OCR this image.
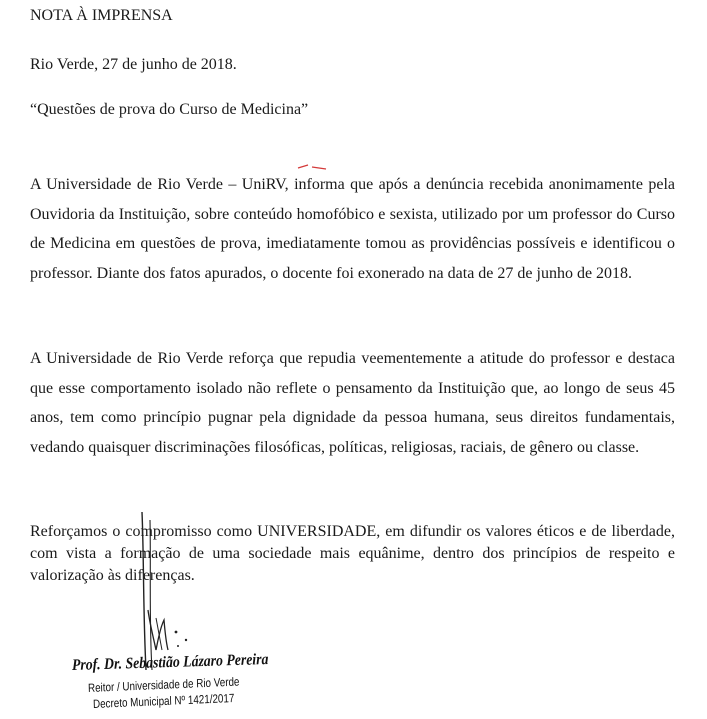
NOTA À IMPRENSA
Rio Verde, 27 de junho de 2018.
“Questões de prova do Curso de Medicina”

A Universidade de Rio Verde – UniRV, informa que após a denúncia recebida anonimamente pela Ouvidoria da Instituição, sobre conteúdo homofóbico e sexista, utilizado por um professor do Curso de Medicina em questões de prova, imediatamente tomou as providências possíveis e identificou o professor. Diante dos fatos apurados, o docente foi exonerado na data de 27 de junho de 2018.

A Universidade de Rio Verde reforça que repudia veementemente a atitude do professor e destaca que esse comportamento isolado não reflete o pensamento da Instituição que, ao longo de seus 45 anos, tem como princípio pugnar pela dignidade da pessoa humana, seus direitos fundamentais, vedando quaisquer discriminações filosóficas, políticas, religiosas, raciais, de gênero ou classe.

Reforçamos o compromisso como UNIVERSIDADE, em difundir os valores éticos e de liberdade, com vista a formação de uma sociedade mais equânime, dentro dos princípios de respeito e valorização às diferenças.

Prof. Dr. Sebastião Lázaro Pereira
Reitor / Universidade de Rio Verde
Decreto Municipal Nº 1421/2017
